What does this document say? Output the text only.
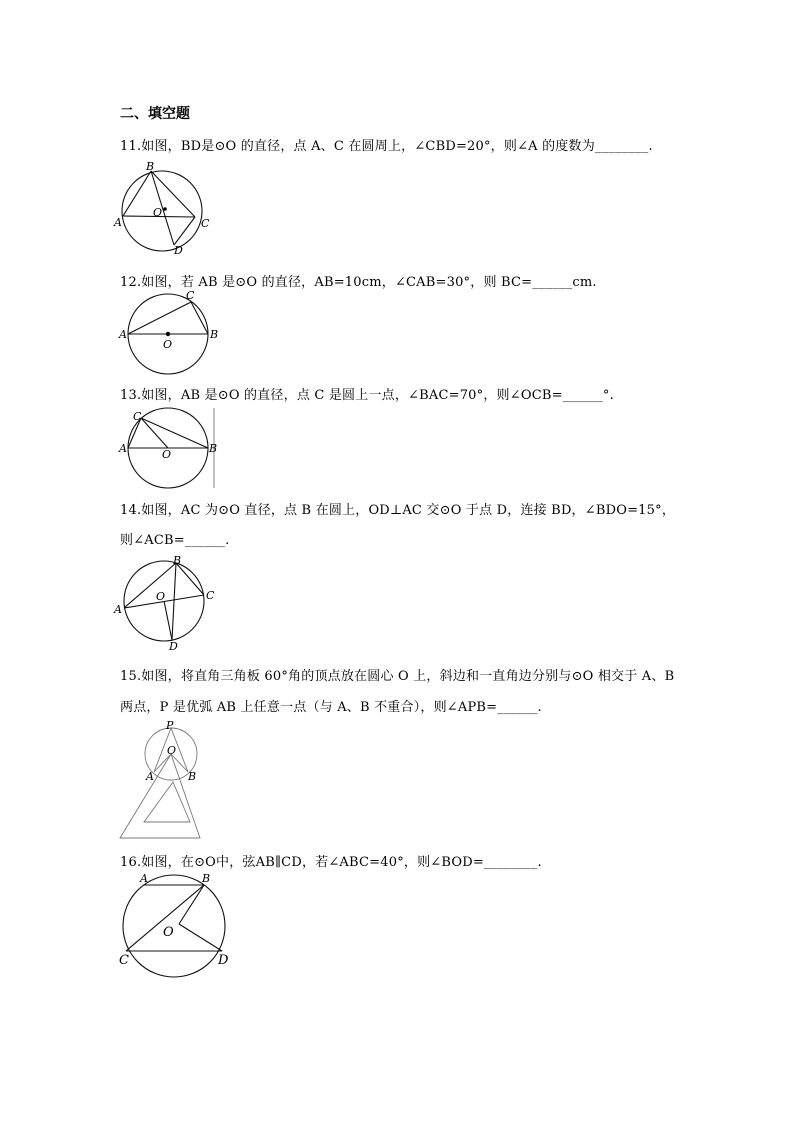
二、填空题
11.如图，BD是⊙O 的直径，点 A、C 在圆周上，∠CBD=20°，则∠A 的度数为________.
B
O
A	C
D
12.如图，若 AB 是⊙O 的直径，AB=10cm，∠CAB=30°，则 BC=______cm.
C
A
O
B
13.如图，AB 是⊙O 的直径，点 C 是圆上一点，∠BAC=70°，则∠OCB=______°.
C
A	O	B
14.如图，AC 为⊙O 直径，点 B 在圆上，OD⊥AC 交⊙O 于点 D，连接 BD，∠BDO=15°，
则∠ACB=______.
B
A
O	C
D
15.如图，将直角三角板 60°角的顶点放在圆心 O 上，斜边和一直角边分别与⊙O 相交于 A、B
两点，P 是优弧 AB 上任意一点（与 A、B 不重合），则∠APB=______.
P
O
A	B
16.如图，在⊙O中，弦AB∥CD，若∠ABC=40°，则∠BOD=________.
A	B
O
C	D
